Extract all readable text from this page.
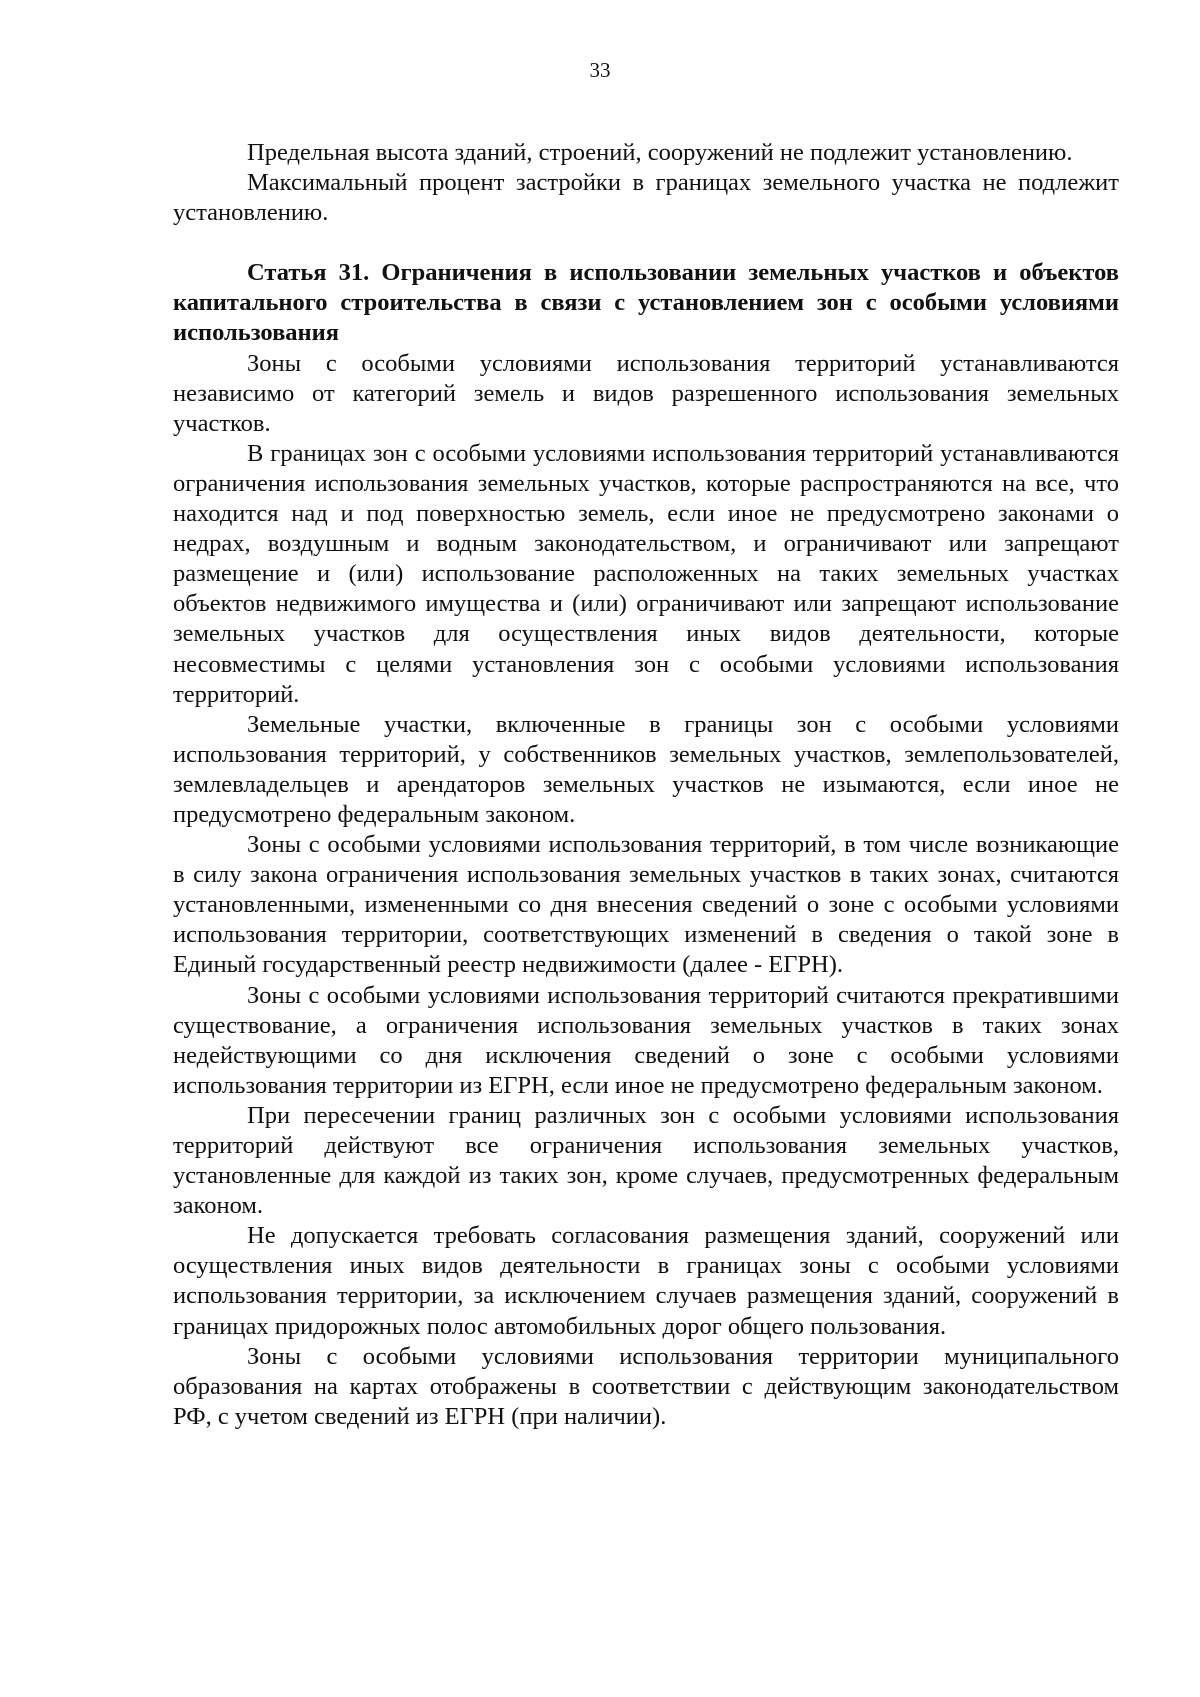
33

Предельная высота зданий, строений, сооружений не подлежит установлению.

Максимальный процент застройки в границах земельного участка не подлежит установлению.

Статья 31. Ограничения в использовании земельных участков и объектов капитального строительства в связи с установлением зон с особыми условиями использования

Зоны с особыми условиями использования территорий устанавливаются независимо от категорий земель и видов разрешенного использования земельных участков.

В границах зон с особыми условиями использования территорий устанавливаются ограничения использования земельных участков, которые распространяются на все, что находится над и под поверхностью земель, если иное не предусмотрено законами о недрах, воздушным и водным законодательством, и ограничивают или запрещают размещение и (или) использование расположенных на таких земельных участках объектов недвижимого имущества и (или) ограничивают или запрещают использование земельных участков для осуществления иных видов деятельности, которые несовместимы с целями установления зон с особыми условиями использования территорий.

Земельные участки, включенные в границы зон с особыми условиями использования территорий, у собственников земельных участков, землепользователей, землевладельцев и арендаторов земельных участков не изымаются, если иное не предусмотрено федеральным законом.

Зоны с особыми условиями использования территорий, в том числе возникающие в силу закона ограничения использования земельных участков в таких зонах, считаются установленными, измененными со дня внесения сведений о зоне с особыми условиями использования территории, соответствующих изменений в сведения о такой зоне в Единый государственный реестр недвижимости (далее - ЕГРН).

Зоны с особыми условиями использования территорий считаются прекратившими существование, а ограничения использования земельных участков в таких зонах недействующими со дня исключения сведений о зоне с особыми условиями использования территории из ЕГРН, если иное не предусмотрено федеральным законом.

При пересечении границ различных зон с особыми условиями использования территорий действуют все ограничения использования земельных участков, установленные для каждой из таких зон, кроме случаев, предусмотренных федеральным законом.

Не допускается требовать согласования размещения зданий, сооружений или осуществления иных видов деятельности в границах зоны с особыми условиями использования территории, за исключением случаев размещения зданий, сооружений в границах придорожных полос автомобильных дорог общего пользования.

Зоны с особыми условиями использования территории муниципального образования на картах отображены в соответствии с действующим законодательством РФ, с учетом сведений из ЕГРН (при наличии).
